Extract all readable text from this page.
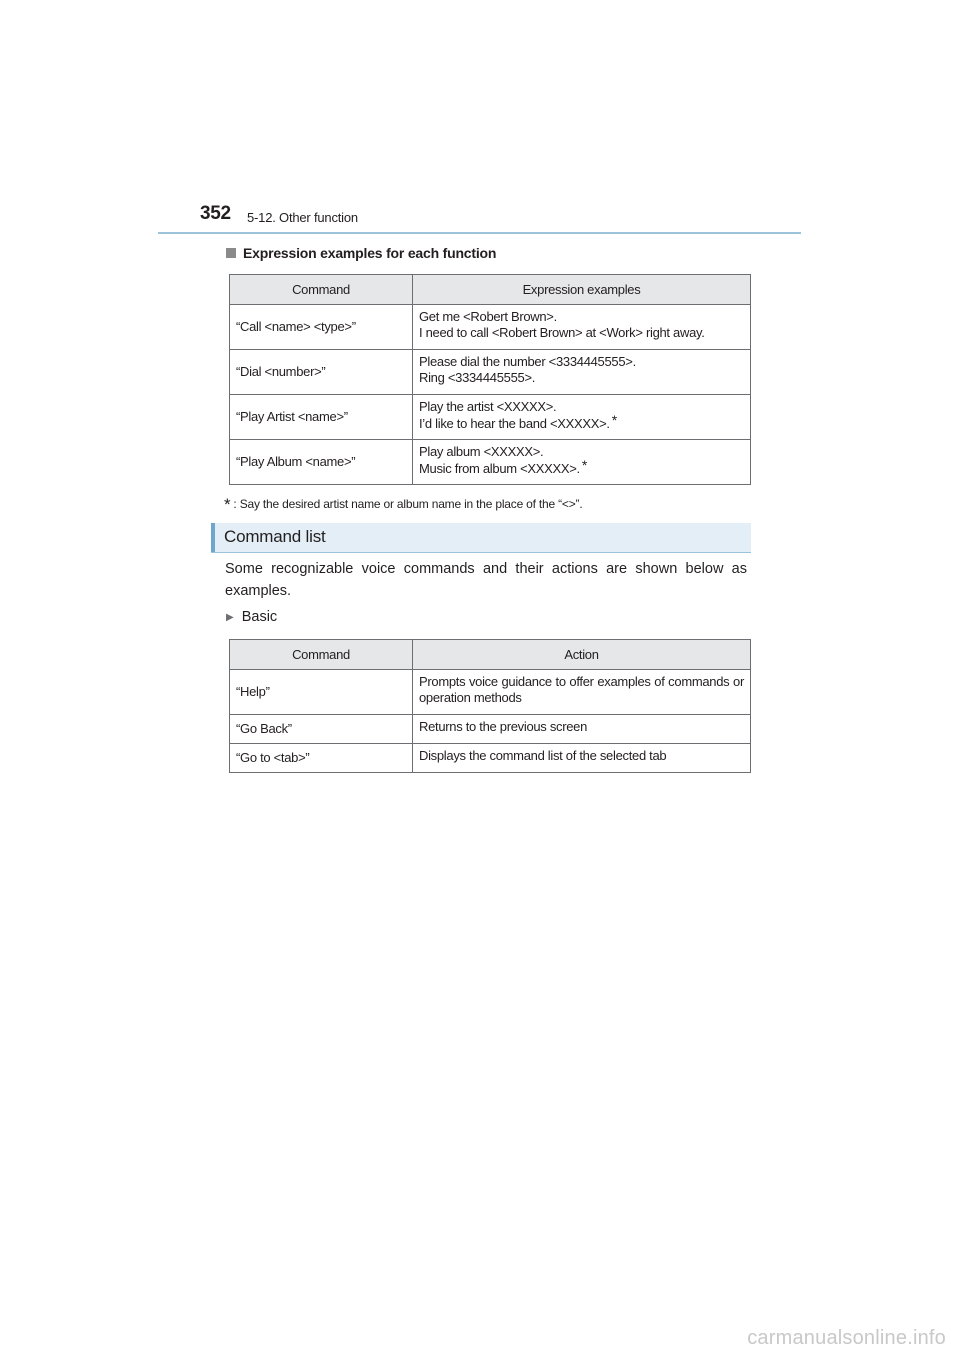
352 5-12. Other function
Expression examples for each function
Command	Expression examples
“Call <name> <type>”	Get me <Robert Brown>.
I need to call <Robert Brown> at <Work> right away.

“Dial <number>”	Please dial the number <3334445555>.
Ring <3334445555>.

“Play Artist <name>”	Play the artist <XXXXX>.
I’d like to hear the band <XXXXX>. *

“Play Album <name>”	Play album <XXXXX>.
Music from album <XXXXX>. *
* : Say the desired artist name or album name in the place of the “<>”.
Command list
Some recognizable voice commands and their actions are shown below as examples.
▶ Basic
Command	Action
“Help”	Prompts voice guidance to offer examples of commands or operation methods
“Go Back”	Returns to the previous screen
“Go to <tab>”	Displays the command list of the selected tab
carmanualsonline.info
